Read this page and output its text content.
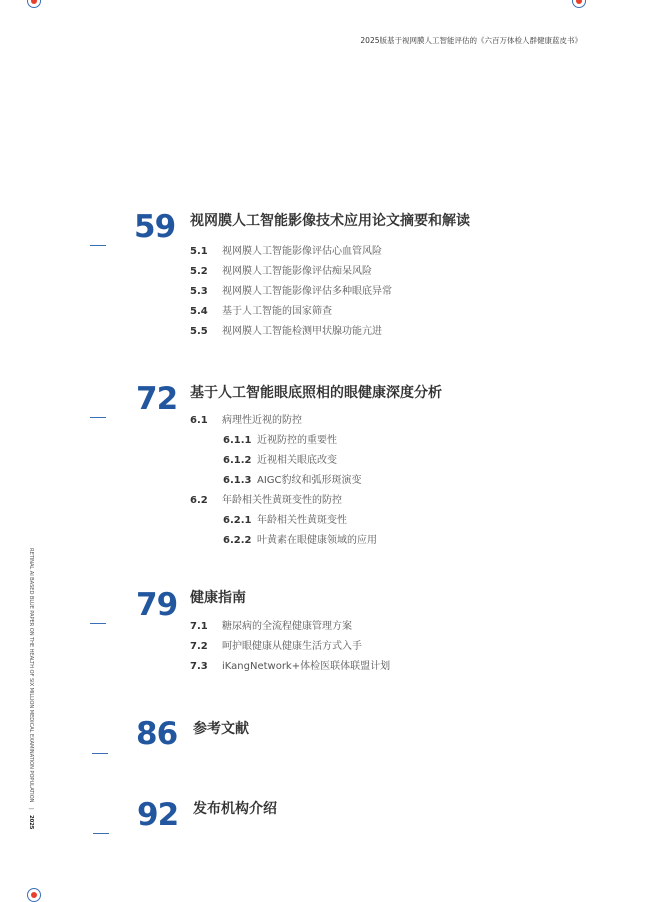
2025版基于视网膜人工智能评估的《六百万体检人群健康蓝皮书》
RETINAL AI BASED BLUE PAPER ON THE HEALTH OF SIX MILLION MEDICAL EXAMINATION POPULATION | 2025
59 视网膜人工智能影像技术应用论文摘要和解读
5.1 视网膜人工智能影像评估心血管风险
5.2 视网膜人工智能影像评估痴呆风险
5.3 视网膜人工智能影像评估多种眼底异常
5.4 基于人工智能的国家筛查
5.5 视网膜人工智能检测甲状腺功能亢进
72 基于人工智能眼底照相的眼健康深度分析
6.1 病理性近视的防控
6.1.1 近视防控的重要性
6.1.2 近视相关眼底改变
6.1.3 AIGC豹纹和弧形斑演变
6.2 年龄相关性黄斑变性的防控
6.2.1 年龄相关性黄斑变性
6.2.2 叶黄素在眼健康领域的应用
79 健康指南
7.1 糖尿病的全流程健康管理方案
7.2 呵护眼健康从健康生活方式入手
7.3 iKangNetwork+体检医联体联盟计划
86 参考文献
92 发布机构介绍
